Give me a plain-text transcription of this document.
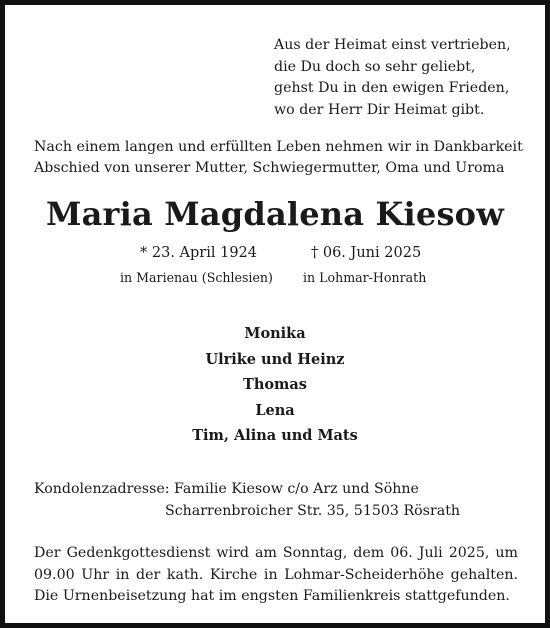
Aus der Heimat einst vertrieben,
die Du doch so sehr geliebt,
gehst Du in den ewigen Frieden,
wo der Herr Dir Heimat gibt.
Nach einem langen und erfüllten Leben nehmen wir in Dankbarkeit
Abschied von unserer Mutter, Schwiegermutter, Oma und Uroma
Maria Magdalena Kiesow
* 23. April 1924
in Marienau (Schlesien)
† 06. Juni 2025
in Lohmar-Honrath
Monika
Ulrike und Heinz
Thomas
Lena
Tim, Alina und Mats
Kondolenzadresse: Familie Kiesow c/o Arz und Söhne
Scharrenbroicher Str. 35, 51503 Rösrath
Der Gedenkgottesdienst wird am Sonntag, dem 06. Juli 2025, um 09.00 Uhr in der kath. Kirche in Lohmar-Scheiderhöhe gehalten. Die Urnenbeisetzung hat im engsten Familienkreis stattgefunden.
